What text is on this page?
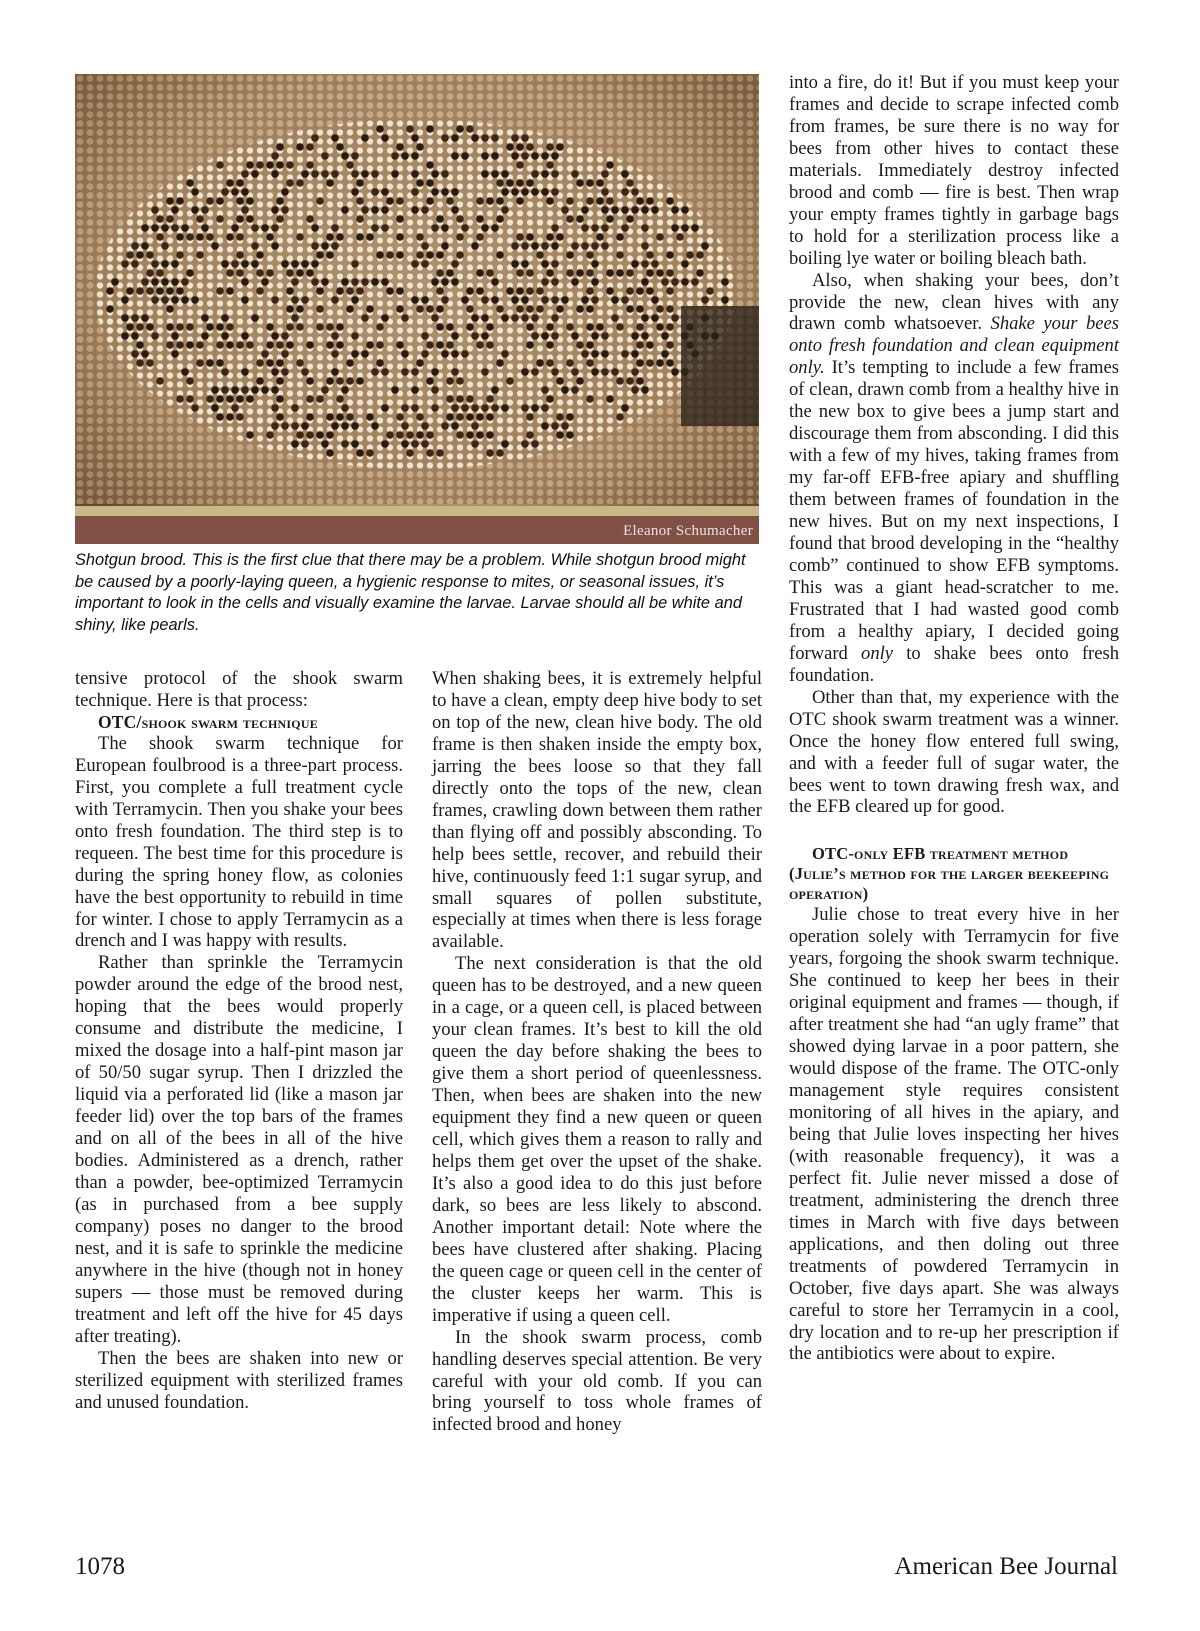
Eleanor Schumacher
Shotgun brood. This is the first clue that there may be a problem. While shotgun brood might be caused by a poorly-laying queen, a hygienic response to mites, or seasonal issues, it’s important to look in the cells and visually examine the larvae. Larvae should all be white and shiny, like pearls.

tensive protocol of the shook swarm technique. Here is that process:

OTC/shook swarm technique

The shook swarm technique for European foulbrood is a three-part process. First, you complete a full treatment cycle with Terramycin. Then you shake your bees onto fresh foundation. The third step is to requeen. The best time for this procedure is during the spring honey flow, as colonies have the best opportunity to rebuild in time for winter. I chose to apply Terramycin as a drench and I was happy with results.

Rather than sprinkle the Terramycin powder around the edge of the brood nest, hoping that the bees would properly consume and distribute the medicine, I mixed the dosage into a half-pint mason jar of 50/50 sugar syrup. Then I drizzled the liquid via a perforated lid (like a mason jar feeder lid) over the top bars of the frames and on all of the bees in all of the hive bodies. Administered as a drench, rather than a powder, bee-optimized Terramycin (as in purchased from a bee supply company) poses no danger to the brood nest, and it is safe to sprinkle the medicine anywhere in the hive (though not in honey supers — those must be removed during treatment and left off the hive for 45 days after treating).

Then the bees are shaken into new or sterilized equipment with sterilized frames and unused foundation.

When shaking bees, it is extremely helpful to have a clean, empty deep hive body to set on top of the new, clean hive body. The old frame is then shaken inside the empty box, jarring the bees loose so that they fall directly onto the tops of the new, clean frames, crawling down between them rather than flying off and possibly absconding. To help bees settle, recover, and rebuild their hive, continuously feed 1:1 sugar syrup, and small squares of pollen substitute, especially at times when there is less forage available.

The next consideration is that the old queen has to be destroyed, and a new queen in a cage, or a queen cell, is placed between your clean frames. It’s best to kill the old queen the day before shaking the bees to give them a short period of queenlessness. Then, when bees are shaken into the new equipment they find a new queen or queen cell, which gives them a reason to rally and helps them get over the upset of the shake. It’s also a good idea to do this just before dark, so bees are less likely to abscond. Another important detail: Note where the bees have clustered after shaking. Placing the queen cage or queen cell in the center of the cluster keeps her warm. This is imperative if using a queen cell.

In the shook swarm process, comb handling deserves special attention. Be very careful with your old comb. If you can bring yourself to toss whole frames of infected brood and honey

into a fire, do it! But if you must keep your frames and decide to scrape infected comb from frames, be sure there is no way for bees from other hives to contact these materials. Immediately destroy infected brood and comb — fire is best. Then wrap your empty frames tightly in garbage bags to hold for a sterilization process like a boiling lye water or boiling bleach bath.

Also, when shaking your bees, don’t provide the new, clean hives with any drawn comb whatsoever. Shake your bees onto fresh foundation and clean equipment only. It’s tempting to include a few frames of clean, drawn comb from a healthy hive in the new box to give bees a jump start and discourage them from absconding. I did this with a few of my hives, taking frames from my far-off EFB-free apiary and shuffling them between frames of foundation in the new hives. But on my next inspections, I found that brood developing in the “healthy comb” continued to show EFB symptoms. This was a giant head-scratcher to me. Frustrated that I had wasted good comb from a healthy apiary, I decided going forward only to shake bees onto fresh foundation.

Other than that, my experience with the OTC shook swarm treatment was a winner. Once the honey flow entered full swing, and with a feeder full of sugar water, the bees went to town drawing fresh wax, and the EFB cleared up for good.

OTC-only EFB treatment method (Julie’s method for the larger beekeeping operation)

Julie chose to treat every hive in her operation solely with Terramycin for five years, forgoing the shook swarm technique. She continued to keep her bees in their original equipment and frames — though, if after treatment she had “an ugly frame” that showed dying larvae in a poor pattern, she would dispose of the frame. The OTC-only management style requires consistent monitoring of all hives in the apiary, and being that Julie loves inspecting her hives (with reasonable frequency), it was a perfect fit. Julie never missed a dose of treatment, administering the drench three times in March with five days between applications, and then doling out three treatments of powdered Terramycin in October, five days apart. She was always careful to store her Terramycin in a cool, dry location and to re-up her prescription if the antibiotics were about to expire.

1078	American Bee Journal
